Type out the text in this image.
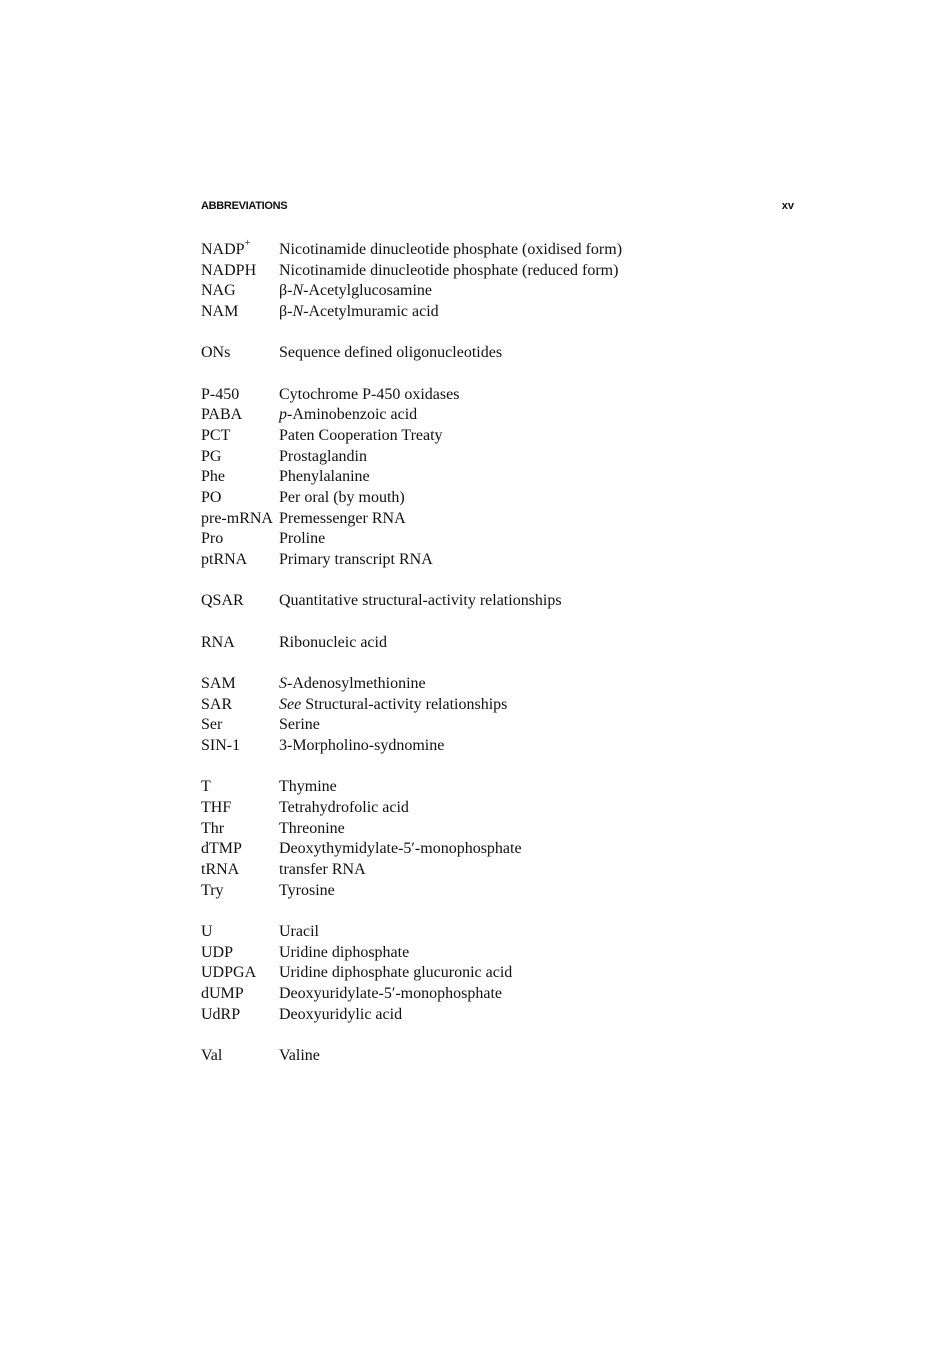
ABBREVIATIONS	xv
NADP+ Nicotinamide dinucleotide phosphate (oxidised form)
NADPH Nicotinamide dinucleotide phosphate (reduced form)
NAG	β-N-Acetylglucosamine
NAM	β-N-Acetylmuramic acid
ONs	Sequence defined oligonucleotides
P-450 Cytochrome P-450 oxidases
PABA p-Aminobenzoic acid
PCT	Paten Cooperation Treaty
PG	Prostaglandin
Phe	Phenylalanine
PO	Per oral (by mouth)
pre-mRNA Premessenger RNA
Pro	Proline
ptRNA Primary transcript RNA
QSAR Quantitative structural-activity relationships
RNA	Ribonucleic acid
SAM	S-Adenosylmethionine
SAR	See Structural-activity relationships
Ser	Serine
SIN-1 3-Morpholino-sydnomine
T	Thymine
THF	Tetrahydrofolic acid
Thr	Threonine
dTMP Deoxythymidylate-5′-monophosphate
tRNA transfer RNA
Try	Tyrosine
U	Uracil
UDP	Uridine diphosphate
UDPGA Uridine diphosphate glucuronic acid
dUMP Deoxyuridylate-5′-monophosphate
UdRP Deoxyuridylic acid
Val	Valine
